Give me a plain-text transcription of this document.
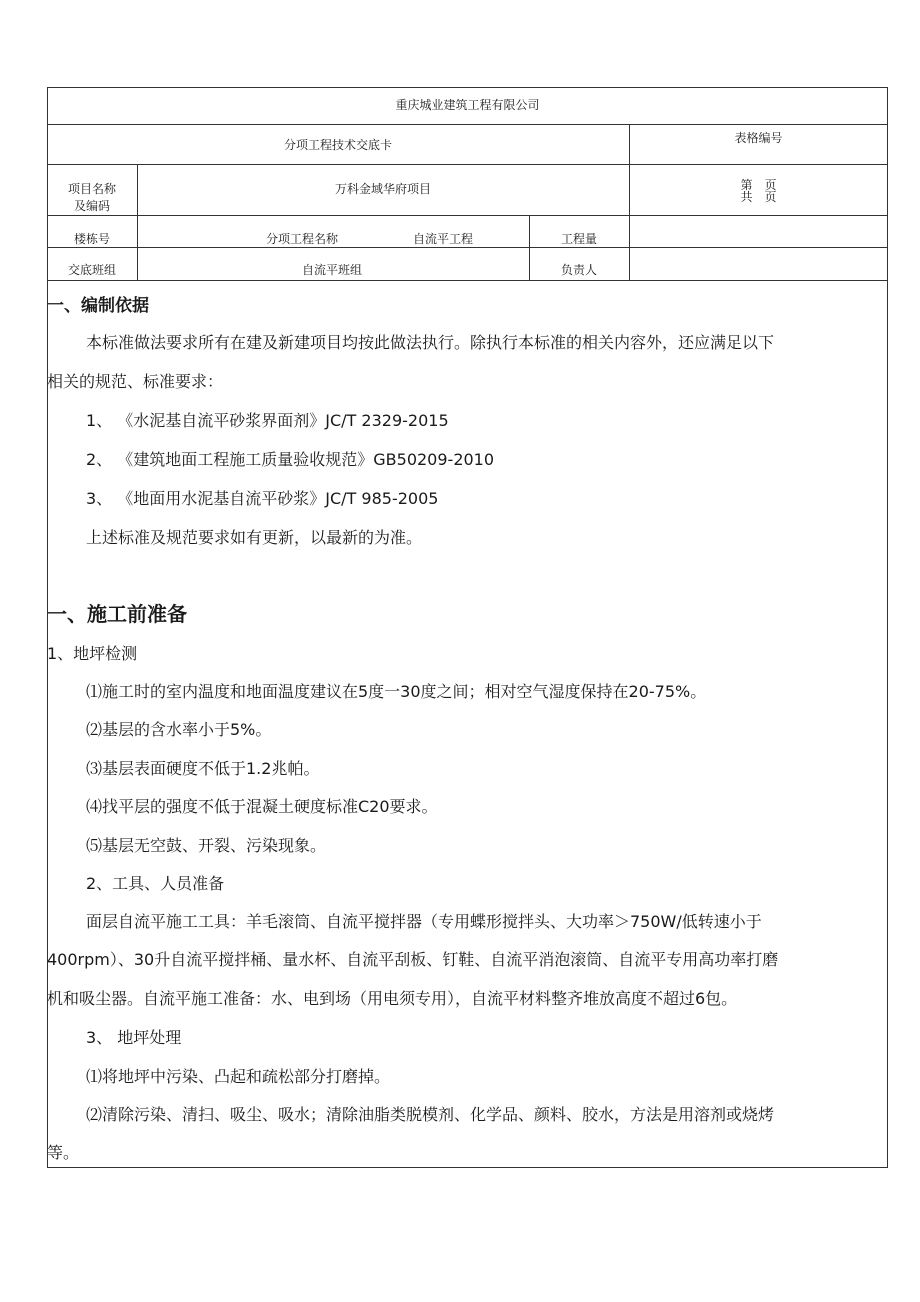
重庆城业建筑工程有限公司
分项工程技术交底卡	表格编号
项目名称
及编码
万科金域华府项目	第　页
共　页
楼栋号	分项工程名称	自流平工程	工程量
交底班组	自流平班组	负责人
一、编制依据
本标准做法要求所有在建及新建项目均按此做法执行。除执行本标准的相关内容外，还应满足以下
相关的规范、标准要求：
1、 《水泥基自流平砂浆界面剂》JC/T 2329-2015
2、 《建筑地面工程施工质量验收规范》GB50209-2010
3、 《地面用水泥基自流平砂浆》JC/T 985-2005
上述标准及规范要求如有更新，以最新的为准。
一、施工前准备
1、地坪检测
⑴施工时的室内温度和地面温度建议在5度一30度之间；相对空气湿度保持在20-75%。
⑵基层的含水率小于5%。
⑶基层表面硬度不低于1.2兆帕。
⑷找平层的强度不低于混凝土硬度标准C20要求。
⑸基层无空鼓、开裂、污染现象。
2、工具、人员准备
面层自流平施工工具：羊毛滚筒、自流平搅拌器（专用蝶形搅拌头、大功率＞750W/低转速小于
400rpm）、30升自流平搅拌桶、量水杯、自流平刮板、钉鞋、自流平消泡滚筒、自流平专用高功率打磨
机和吸尘器。自流平施工准备：水、电到场（用电须专用），自流平材料整齐堆放高度不超过6包。
3、 地坪处理
⑴将地坪中污染、凸起和疏松部分打磨掉。
⑵清除污染、清扫、吸尘、吸水；清除油脂类脱模剂、化学品、颜料、胶水，方法是用溶剂或烧烤
等。
